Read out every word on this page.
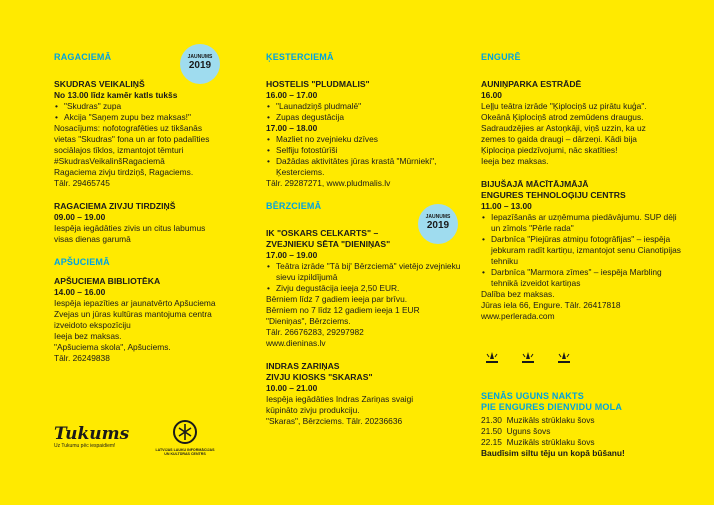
JAUNUMS
2019
JAUNUMS
2019
RAGACIEMĀ
SKUDRAS VEIKALIŅŠ
No 13.00 līdz kamēr katls tukšs
• "Skudras" zupa
• Akcija "Saņem zupu bez maksas!"
Nosacījums: nofotografēties uz tikšanās
vietas "Skudras" fona un ar foto padalīties
sociālajos tīklos, izmantojot tēmturi
#SkudrasVeikalinšRagaciemā
Ragaciema zivju tirdziņš, Ragaciems.
Tālr. 29465745
RAGACIEMA ZIVJU TIRDZIŅŠ
09.00 – 19.00
Iespēja iegādāties zivis un citus labumus
visas dienas garumā
APŠUCIEMĀ
APŠUCIEMA BIBLIOTĒKA
14.00 – 16.00
Iespēja iepazīties ar jaunatvērto Apšuciema
Zvejas un jūras kultūras mantojuma centra
izveidoto ekspozīciju
Ieeja bez maksas.
"Apšuciema skola", Apšuciems.
Tālr. 26249838
ĶESTERCIEMĀ
HOSTELIS "PLUDMALIS"
16.00 – 17.00
• "Launadziņš pludmalē"
• Zupas degustācija
17.00 – 18.00
• Mazliet no zvejnieku dzīves
• Selfiju fotostūrīši
• Dažādas aktivitātes jūras krastā "Mūrnieki", Ķesterciems.
Tālr. 29287271, www.pludmalis.lv
BĒRZCIEMĀ
IK "OSKARS CELKARTS" –
ZVEJNIEKU SĒTA "DIENIŅAS"
17.00 – 19.00
• Teātra izrāde "Tā bij' Bērzciemā" vietējo zvejnieku sievu izpildījumā
• Zivju degustācija ieeja 2,50 EUR.
Bērniem līdz 7 gadiem ieeja par brīvu.
Bērniem no 7 līdz 12 gadiem ieeja 1 EUR
"Dieniņas", Bērzciems.
Tālr. 26676283, 29297982
www.dieninas.lv
INDRAS ZARIŅAS
ZIVJU KIOSKS "SKARAS"
10.00 – 21.00
Iespēja iegādāties Indras Zariņas svaigi
kūpināto zivju produkciju.
"Skaras", Bērzciems. Tālr. 20236636
ENGURĒ
AUNIŅPARKA ESTRĀDĒ
16.00
Leļļu teātra izrāde "Ķiplociņš uz pirātu kuģa".
Okeānā Ķiplociņš atrod zemūdens draugus.
Sadraudzējies ar Astoņkāji, viņš uzzin, ka uz
zemes to gaida draugi – dārzeņi. Kādi bija
Ķiplociņa piedzīvojumi, nāc skatīties!
Ieeja bez maksas.
BIJUŠAJĀ MĀCĪTĀJMĀJĀ
ENGURES TEHNOLOĢIJU CENTRS
11.00 – 13.00
• Iepazīšanās ar uzņēmuma piedāvājumu. SUP dēļi un zīmols "Pērle rada"
• Darbnīca "Piejūras atmiņu fotogrāfijas" – iespēja jebkuram radīt kartiņu, izmantojot senu Cianotipijas tehniku
• Darbnīca "Marmora zīmes" – iespēja Marbling tehnikā izveidot kartiņas
Dalība bez maksas.
Jūras iela 66, Engure. Tālr. 26417818
www.perlerada.com
SENĀS UGUNS NAKTS
PIE ENGURES DIENVIDU MOLA
21.30 Muzikāls strūklaku šovs
21.50 Uguns šovs
22.15 Muzikāls strūklaku šovs
Baudīsim siltu tēju un kopā būšanu!
Tukums
Uz Tukumu pēc iespaidiem!
LATVIJAS LAUKU INFORMĀCIJAS UN KULTŪRAS CENTRS
